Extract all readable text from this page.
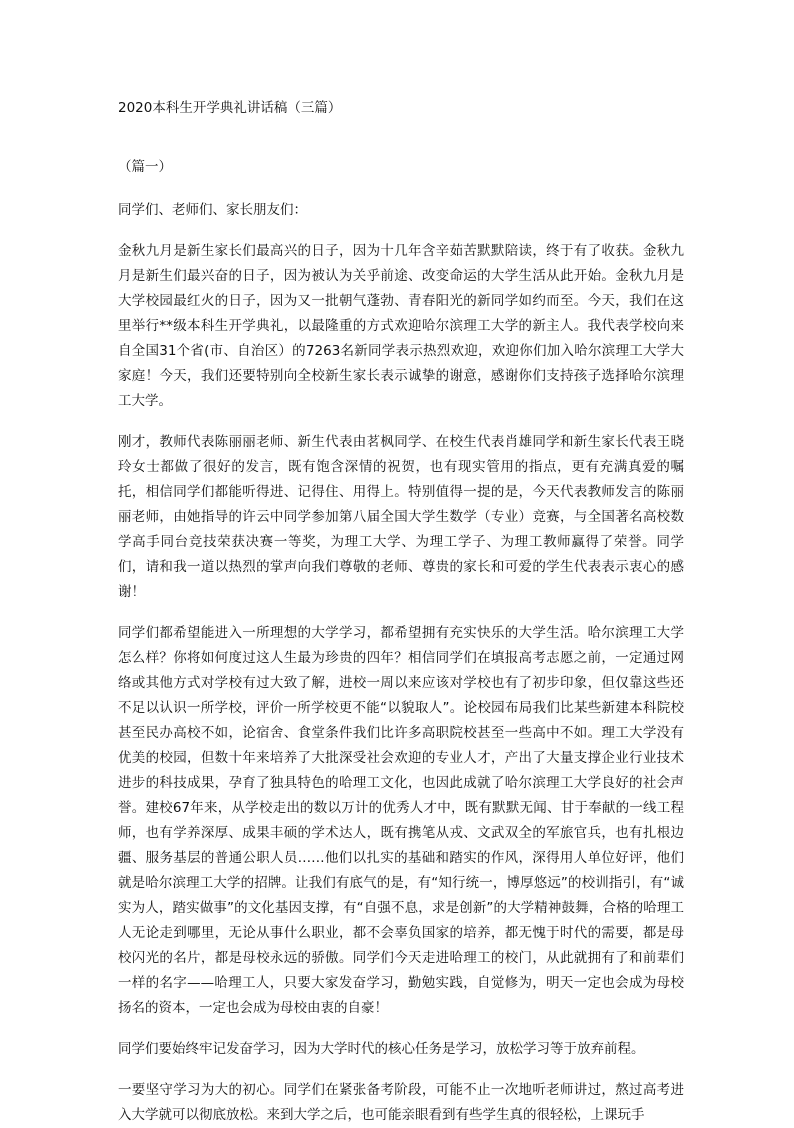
2020本科生开学典礼讲话稿（三篇）
（篇一）
同学们、老师们、家长朋友们：

金秋九月是新生家长们最高兴的日子，因为十几年含辛茹苦默默陪读，终于有了收获。金秋九月是新生们最兴奋的日子，因为被认为关乎前途、改变命运的大学生活从此开始。金秋九月是大学校园最红火的日子，因为又一批朝气蓬勃、青春阳光的新同学如约而至。今天，我们在这里举行**级本科生开学典礼，以最隆重的方式欢迎哈尔滨理工大学的新主人。我代表学校向来自全国31个省(市、自治区）的7263名新同学表示热烈欢迎，欢迎你们加入哈尔滨理工大学大家庭！今天，我们还要特别向全校新生家长表示诚挚的谢意，感谢你们支持孩子选择哈尔滨理工大学。

刚才，教师代表陈丽丽老师、新生代表由茗枫同学、在校生代表肖雄同学和新生家长代表王晓玲女士都做了很好的发言，既有饱含深情的祝贺，也有现实管用的指点，更有充满真爱的嘱托，相信同学们都能听得进、记得住、用得上。特别值得一提的是，今天代表教师发言的陈丽丽老师，由她指导的许云中同学参加第八届全国大学生数学（专业）竞赛，与全国著名高校数学高手同台竞技荣获决赛一等奖，为理工大学、为理工学子、为理工教师赢得了荣誉。同学们，请和我一道以热烈的掌声向我们尊敬的老师、尊贵的家长和可爱的学生代表表示衷心的感谢！

同学们都希望能进入一所理想的大学学习，都希望拥有充实快乐的大学生活。哈尔滨理工大学怎么样？你将如何度过这人生最为珍贵的四年？相信同学们在填报高考志愿之前，一定通过网络或其他方式对学校有过大致了解，进校一周以来应该对学校也有了初步印象，但仅靠这些还不足以认识一所学校，评价一所学校更不能“以貌取人”。论校园布局我们比某些新建本科院校甚至民办高校不如，论宿舍、食堂条件我们比许多高职院校甚至一些高中不如。理工大学没有优美的校园，但数十年来培养了大批深受社会欢迎的专业人才，产出了大量支撑企业行业技术进步的科技成果，孕育了独具特色的哈理工文化，也因此成就了哈尔滨理工大学良好的社会声誉。建校67年来，从学校走出的数以万计的优秀人才中，既有默默无闻、甘于奉献的一线工程师，也有学养深厚、成果丰硕的学术达人，既有携笔从戎、文武双全的军旅官兵，也有扎根边疆、服务基层的普通公职人员……他们以扎实的基础和踏实的作风，深得用人单位好评，他们就是哈尔滨理工大学的招牌。让我们有底气的是，有“知行统一，博厚悠远”的校训指引，有“诚实为人，踏实做事”的文化基因支撑，有“自强不息，求是创新”的大学精神鼓舞，合格的哈理工人无论走到哪里，无论从事什么职业，都不会辜负国家的培养，都无愧于时代的需要，都是母校闪光的名片，都是母校永远的骄傲。同学们今天走进哈理工的校门，从此就拥有了和前辈们一样的名字——哈理工人，只要大家发奋学习，勤勉实践，自觉修为，明天一定也会成为母校扬名的资本，一定也会成为母校由衷的自豪！

同学们要始终牢记发奋学习，因为大学时代的核心任务是学习，放松学习等于放弃前程。

一要坚守学习为大的初心。同学们在紧张备考阶段，可能不止一次地听老师讲过，熬过高考进入大学就可以彻底放松。来到大学之后，也可能亲眼看到有些学生真的很轻松，上课玩手
